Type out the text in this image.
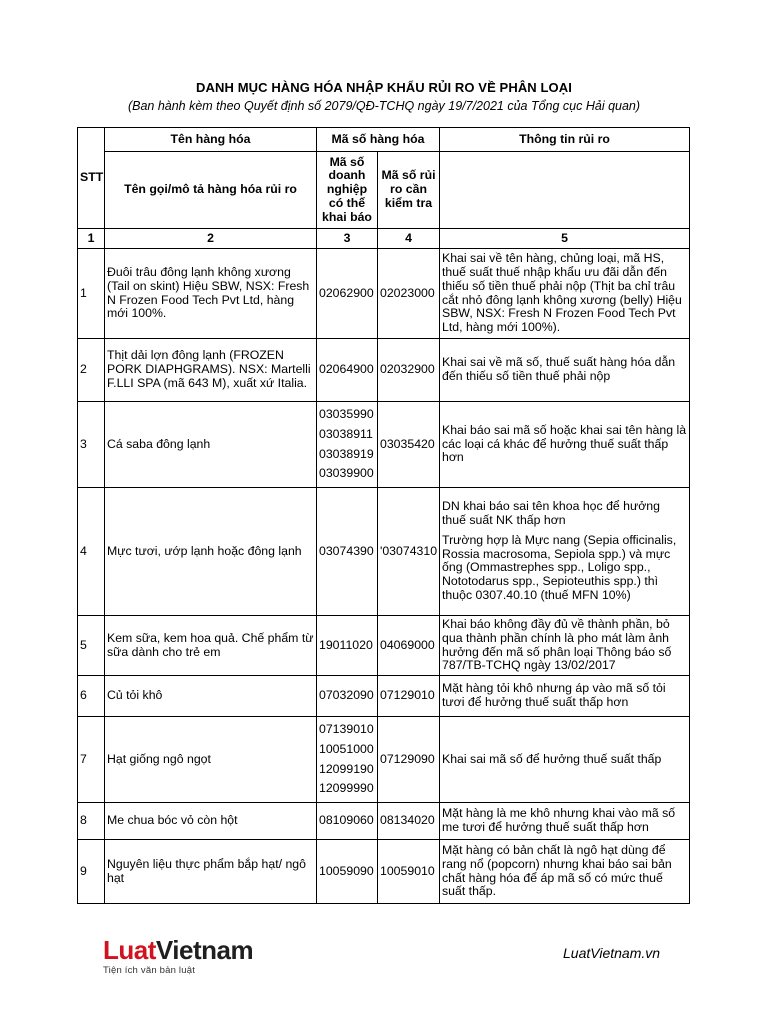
DANH MỤC HÀNG HÓA NHẬP KHẨU RỦI RO VỀ PHÂN LOẠI
(Ban hành kèm theo Quyết định số 2079/QĐ-TCHQ ngày 19/7/2021 của Tổng cục Hải quan)
STT	Tên hàng hóa	Mã số hàng hóa		Thông tin rủi ro
	Tên gọi/mô tả hàng hóa rủi ro	Mã số doanh nghiệp có thể khai báo	Mã số rủi ro cần kiểm tra	
1	2	3	4	5
1	Đuôi trâu đông lạnh không xương (Tail on skint) Hiệu SBW, NSX: Fresh N Frozen Food Tech Pvt Ltd, hàng mới 100%.	02062900	02023000	Khai sai về tên hàng, chủng loại, mã HS, thuế suất thuế nhập khẩu ưu đãi dẫn đến thiếu số tiền thuế phải nộp (Thịt ba chỉ trâu cắt nhỏ đông lạnh không xương (belly) Hiệu SBW, NSX: Fresh N Frozen Food Tech Pvt Ltd, hàng mới 100%).

2	Thịt dải lợn đông lạnh (FROZEN PORK DIAPHGRAMS). NSX: Martelli F.LLI SPA (mã 643 M), xuất xứ Italia.	02064900	02032900	Khai sai về mã số, thuế suất hàng hóa dẫn đến thiếu số tiền thuế phải nộp

3	Cá saba đông lạnh	03035990
03038911
03038919
03039900	03035420	Khai báo sai mã số hoặc khai sai tên hàng là các loại cá khác để hưởng thuế suất thấp hơn

4	Mực tươi, ướp lạnh hoặc đông lạnh	03074390	'03074310	DN khai báo sai tên khoa học để hưởng thuế suất NK thấp hơn
Trường hợp là Mực nang (Sepia officinalis, Rossia macrosoma, Sepiola spp.) và mực ống (Ommastrephes spp., Loligo spp., Nototodarus spp., Sepioteuthis spp.) thì thuộc 0307.40.10 (thuế MFN 10%)

5	Kem sữa, kem hoa quả. Chế phẩm từ sữa dành cho trẻ em	19011020	04069000	Khai báo không đầy đủ về thành phần, bỏ qua thành phần chính là pho mát làm ảnh hưởng đến mã số phân loại Thông báo số 787/TB-TCHQ ngày 13/02/2017

6	Củ tỏi khô	07032090	07129010	Mặt hàng tỏi khô nhưng áp vào mã số tỏi tươi để hưởng thuế suất thấp hơn

7	Hạt giống ngô ngọt	07139010
10051000
12099190
12099990	07129090	Khai sai mã số để hưởng thuế suất thấp

8	Me chua bóc vỏ còn hột	08109060	08134020	Mặt hàng là me khô nhưng khai vào mã số me tươi để hưởng thuế suất thấp hơn

9	Nguyên liệu thực phẩm bắp hạt/ ngô hạt	10059090	10059010	Mặt hàng có bản chất là ngô hạt dùng để rang nổ (popcorn) nhưng khai báo sai bản chất hàng hóa để áp mã số có mức thuế suất thấp.
LuatVietnam
Tiện ích văn bản luật
LuatVietnam.vn
